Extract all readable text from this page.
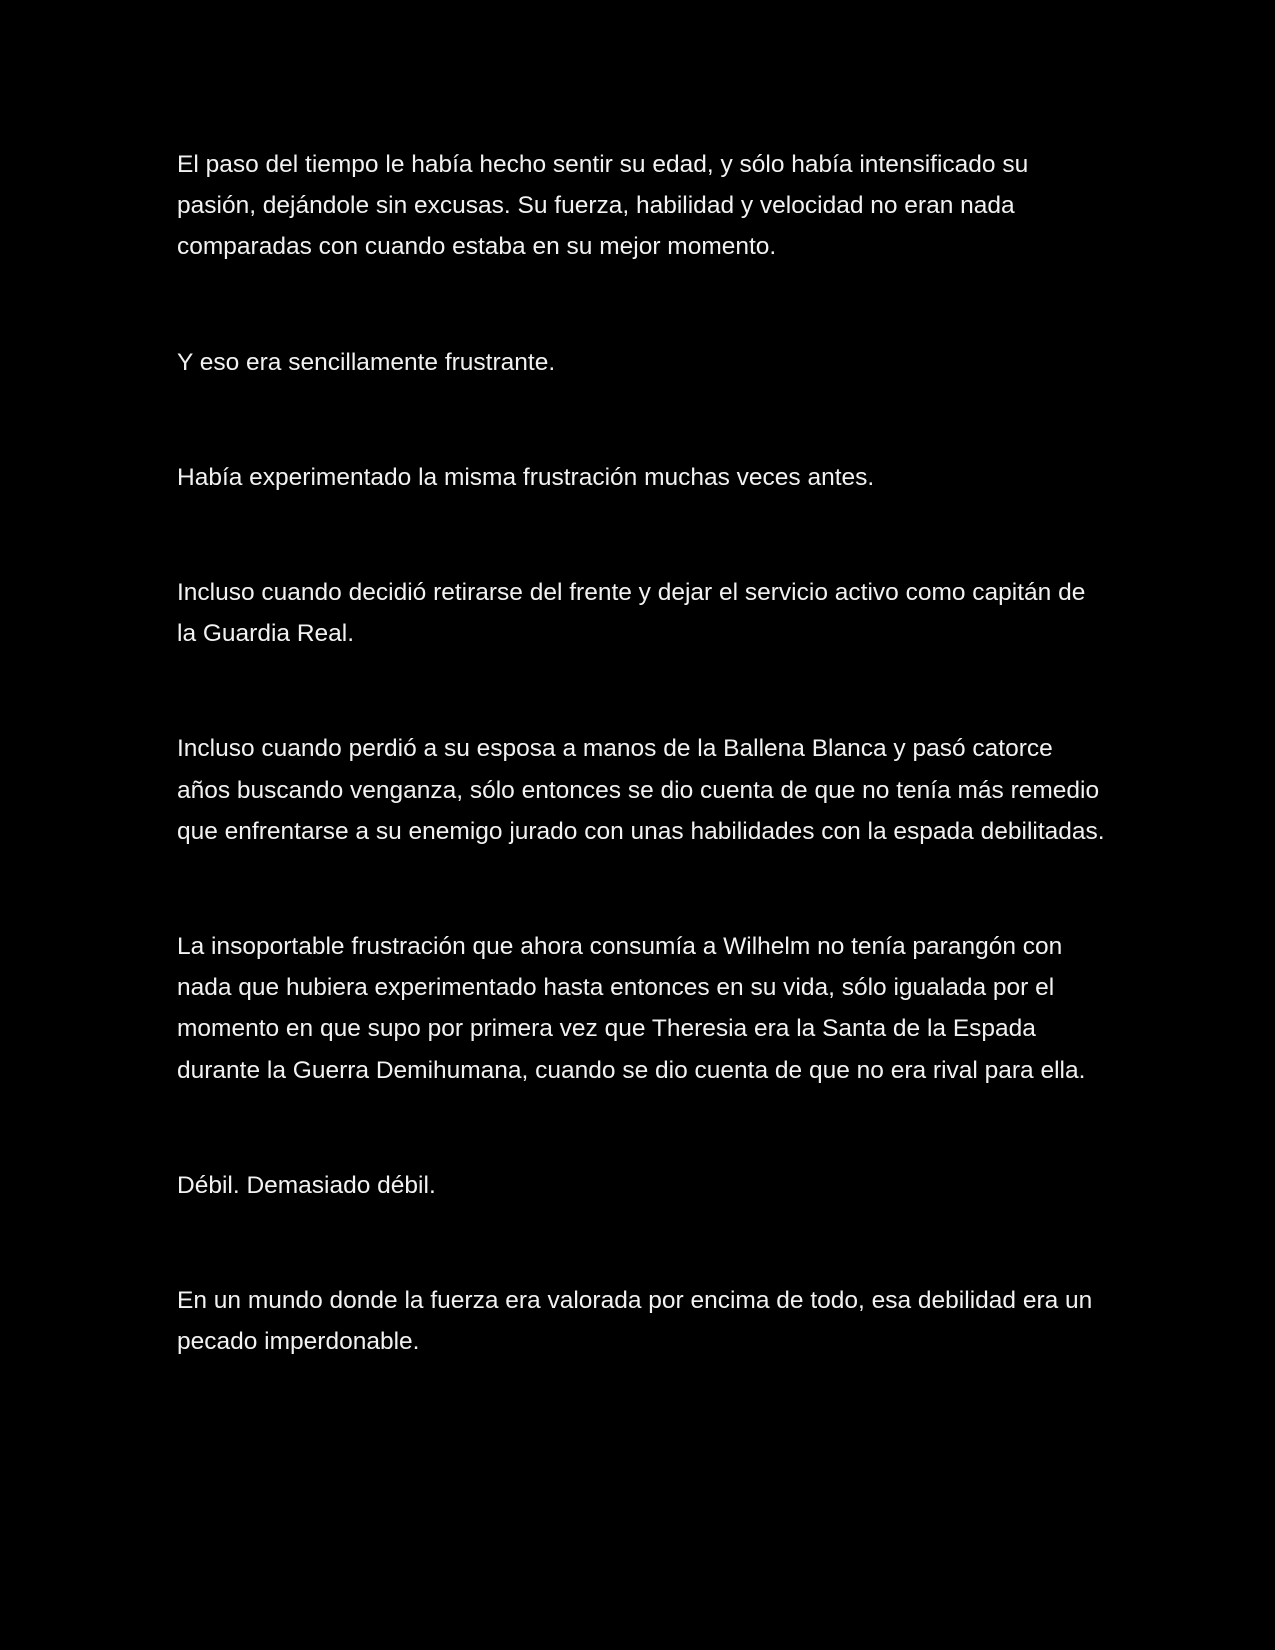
El paso del tiempo le había hecho sentir su edad, y sólo había intensificado su pasión, dejándole sin excusas. Su fuerza, habilidad y velocidad no eran nada comparadas con cuando estaba en su mejor momento.

Y eso era sencillamente frustrante.

Había experimentado la misma frustración muchas veces antes.

Incluso cuando decidió retirarse del frente y dejar el servicio activo como capitán de la Guardia Real.

Incluso cuando perdió a su esposa a manos de la Ballena Blanca y pasó catorce años buscando venganza, sólo entonces se dio cuenta de que no tenía más remedio que enfrentarse a su enemigo jurado con unas habilidades con la espada debilitadas.

La insoportable frustración que ahora consumía a Wilhelm no tenía parangón con nada que hubiera experimentado hasta entonces en su vida, sólo igualada por el momento en que supo por primera vez que Theresia era la Santa de la Espada durante la Guerra Demihumana, cuando se dio cuenta de que no era rival para ella.

Débil. Demasiado débil.

En un mundo donde la fuerza era valorada por encima de todo, esa debilidad era un pecado imperdonable.
